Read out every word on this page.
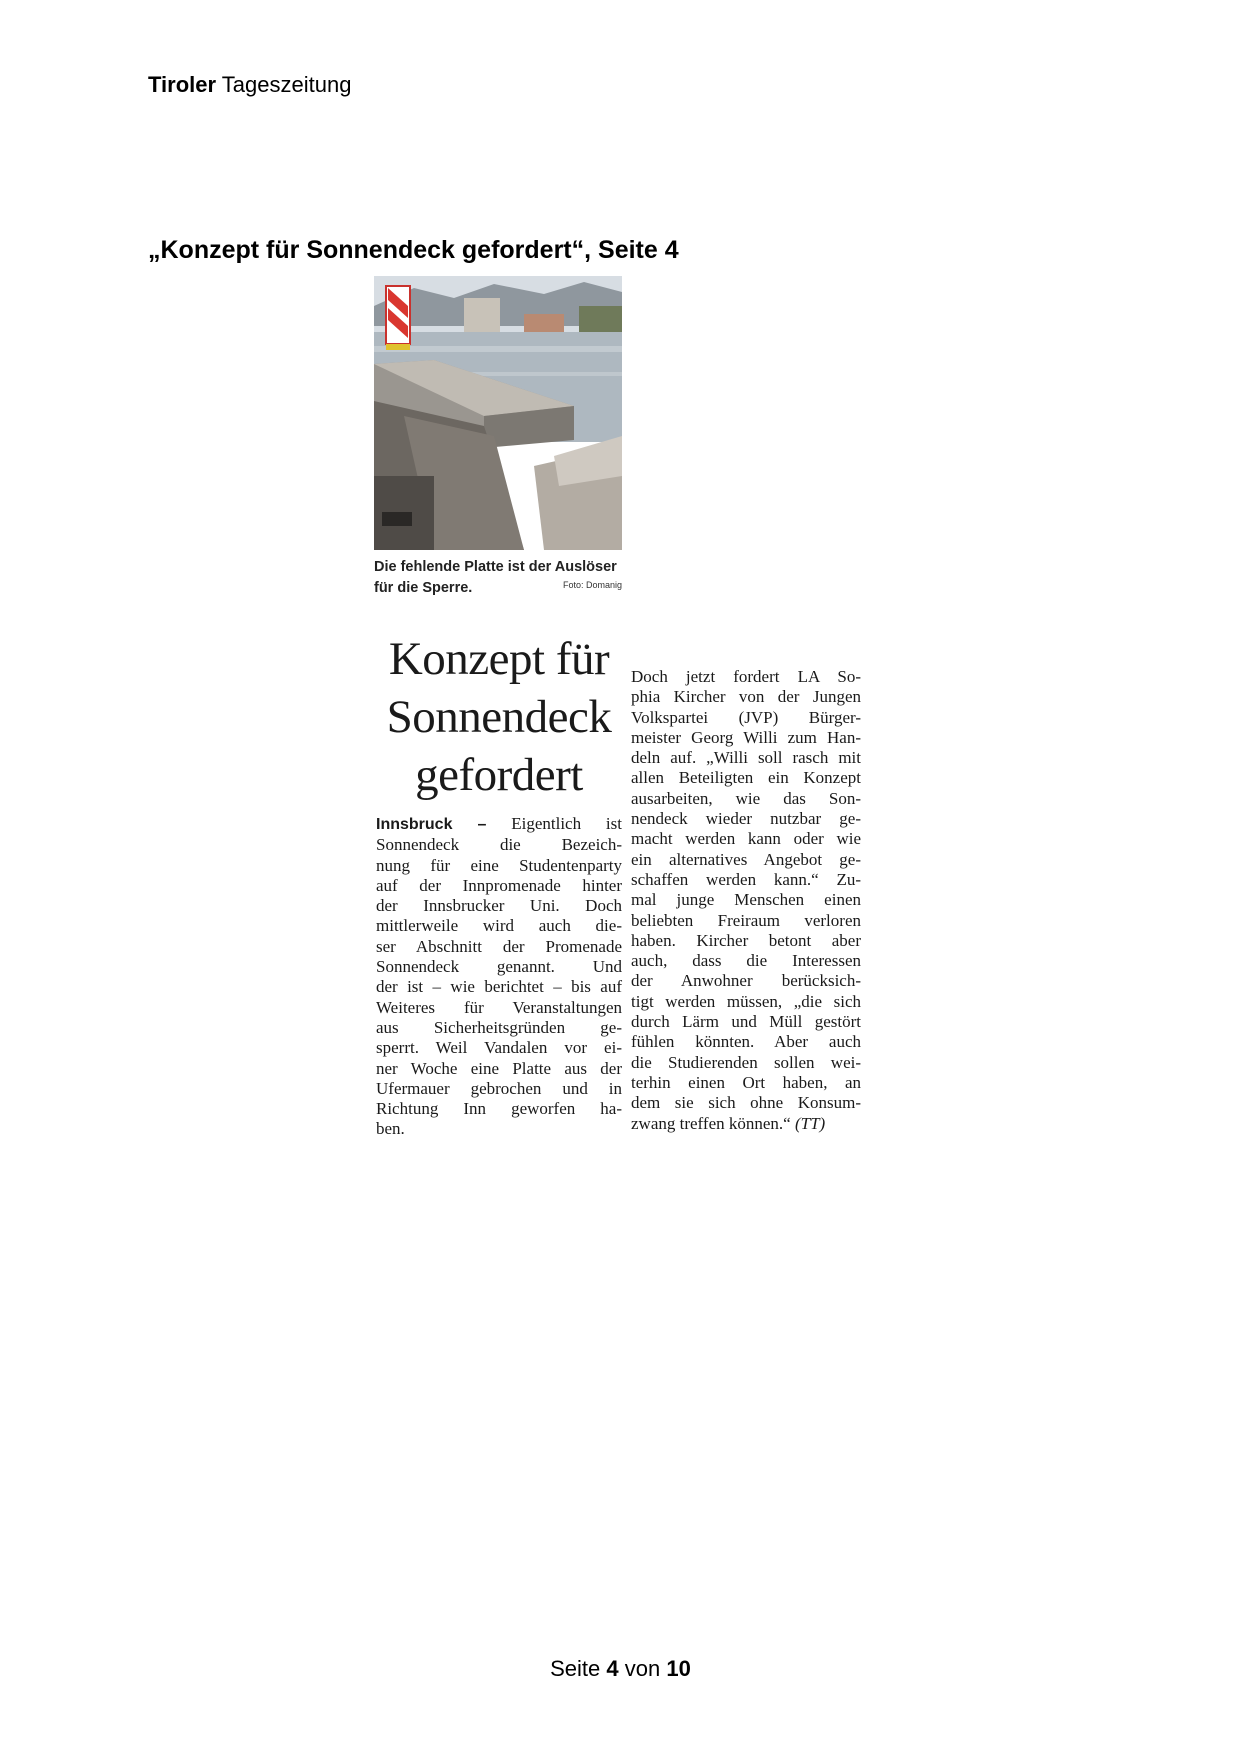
Tiroler Tageszeitung
„Konzept für Sonnendeck gefordert“, Seite 4
Die fehlende Platte ist der Auslöser
für die Sperre.	Foto: Domanig
Konzept für
Sonnendeck
gefordert
Innsbruck – Eigentlich ist
Sonnendeck die Bezeich-
nung für eine Studentenparty
auf der Innpromenade hinter
der Innsbrucker Uni. Doch
mittlerweile wird auch die-
ser Abschnitt der Promenade
Sonnendeck genannt. Und
der ist – wie berichtet – bis auf
Weiteres für Veranstaltungen
aus Sicherheitsgründen ge-
sperrt. Weil Vandalen vor ei-
ner Woche eine Platte aus der
Ufermauer gebrochen und in
Richtung Inn geworfen ha-
ben.
Doch jetzt fordert LA So-
phia Kircher von der Jungen
Volkspartei (JVP) Bürger-
meister Georg Willi zum Han-
deln auf. „Willi soll rasch mit
allen Beteiligten ein Konzept
ausarbeiten, wie das Son-
nendeck wieder nutzbar ge-
macht werden kann oder wie
ein alternatives Angebot ge-
schaffen werden kann.“ Zu-
mal junge Menschen einen
beliebten Freiraum verloren
haben. Kircher betont aber
auch, dass die Interessen
der Anwohner berücksich-
tigt werden müssen, „die sich
durch Lärm und Müll gestört
fühlen könnten. Aber auch
die Studierenden sollen wei-
terhin einen Ort haben, an
dem sie sich ohne Konsum-
zwang treffen können.“ (TT)
Seite 4 von 10
